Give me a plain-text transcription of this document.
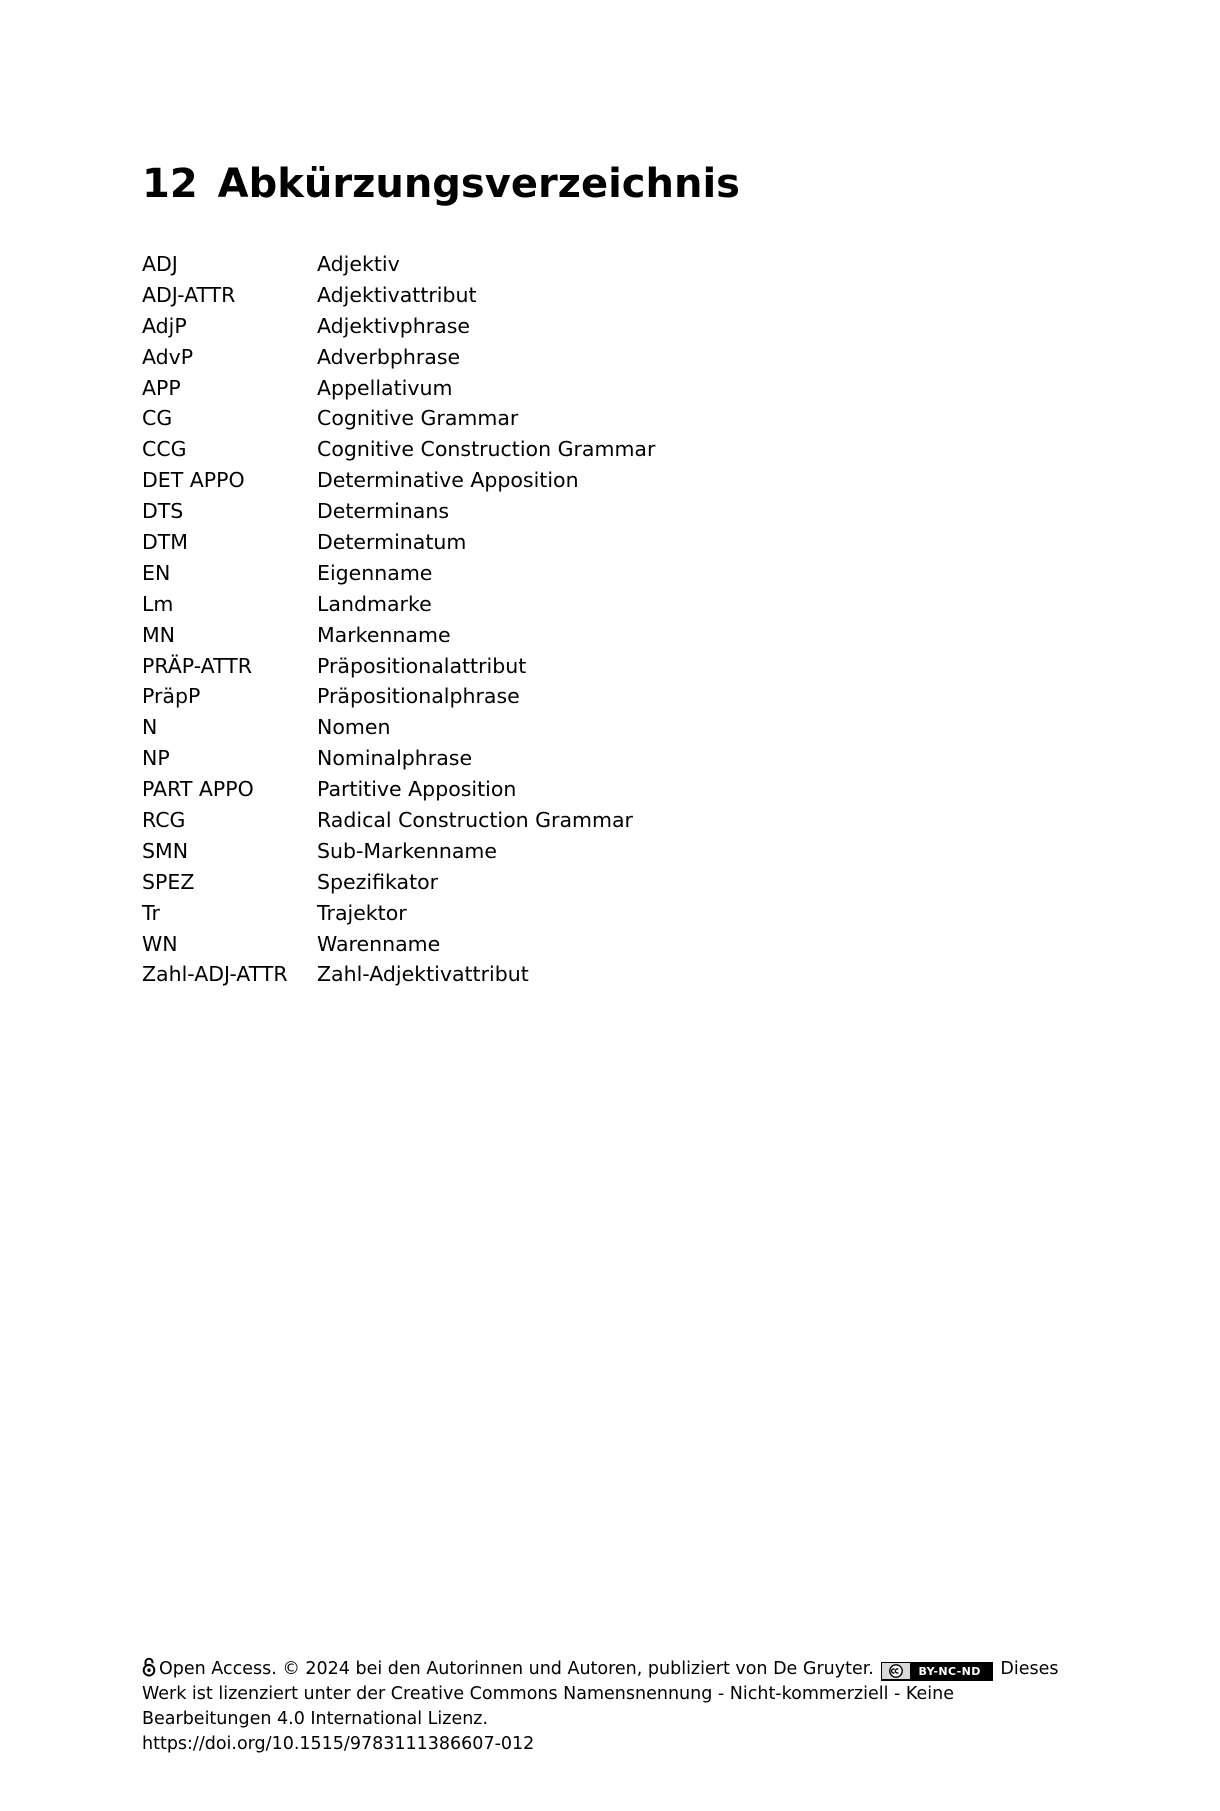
12 Abkürzungsverzeichnis
ADJ	Adjektiv
ADJ-ATTR	Adjektivattribut
AdjP	Adjektivphrase
AdvP	Adverbphrase
APP	Appellativum
CG	Cognitive Grammar
CCG	Cognitive Construction Grammar
DET APPO	Determinative Apposition
DTS	Determinans
DTM	Determinatum
EN	Eigenname
Lm	Landmarke
MN	Markenname
PRÄP-ATTR	Präpositionalattribut
PräpP	Präpositionalphrase
N	Nomen
NP	Nominalphrase
PART APPO	Partitive Apposition
RCG	Radical Construction Grammar
SMN	Sub-Markenname
SPEZ	Spezifikator
Tr	Trajektor
WN	Warenname
Zahl-ADJ-ATTR	Zahl-Adjektivattribut

Open Access. © 2024 bei den Autorinnen und Autoren, publiziert von De Gruyter.	BY-NC-ND	Dieses Werk ist lizenziert unter der Creative Commons Namensnennung - Nicht-kommerziell - Keine Bearbeitungen 4.0 International Lizenz.

https://doi.org/10.1515/9783111386607-012
